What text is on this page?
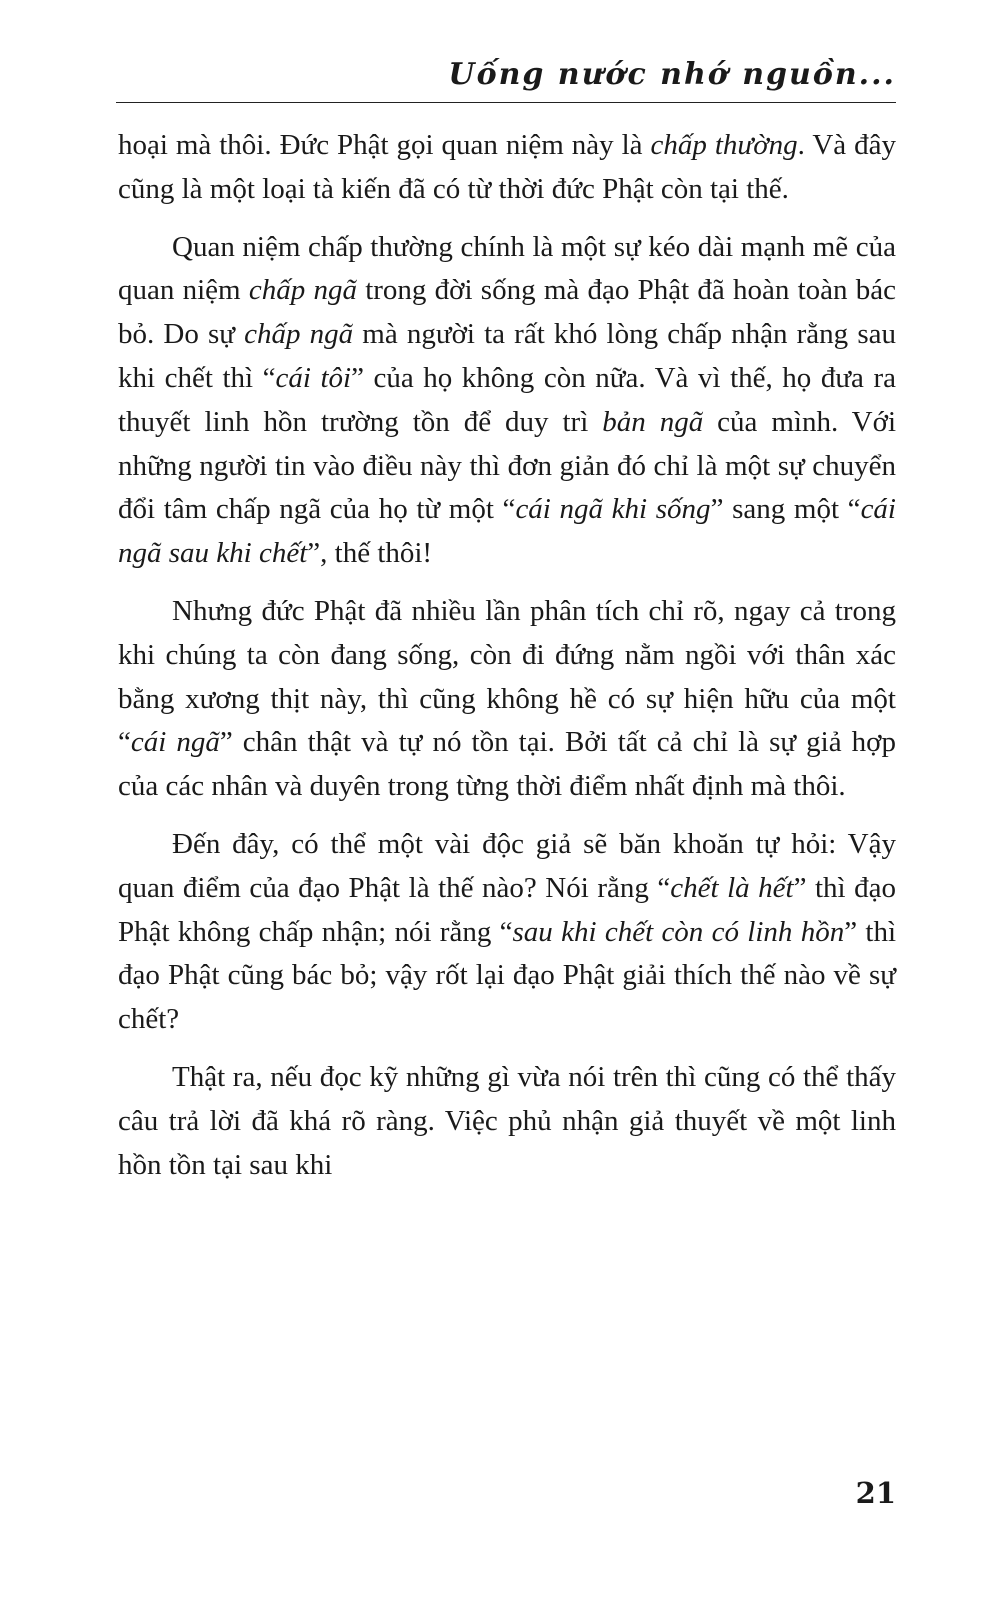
Uống nước nhớ nguồn...

hoại mà thôi. Đức Phật gọi quan niệm này là chấp thường. Và đây cũng là một loại tà kiến đã có từ thời đức Phật còn tại thế.

Quan niệm chấp thường chính là một sự kéo dài mạnh mẽ của quan niệm chấp ngã trong đời sống mà đạo Phật đã hoàn toàn bác bỏ. Do sự chấp ngã mà người ta rất khó lòng chấp nhận rằng sau khi chết thì “cái tôi” của họ không còn nữa. Và vì thế, họ đưa ra thuyết linh hồn trường tồn để duy trì bản ngã của mình. Với những người tin vào điều này thì đơn giản đó chỉ là một sự chuyển đổi tâm chấp ngã của họ từ một “cái ngã khi sống” sang một “cái ngã sau khi chết”, thế thôi!

Nhưng đức Phật đã nhiều lần phân tích chỉ rõ, ngay cả trong khi chúng ta còn đang sống, còn đi đứng nằm ngồi với thân xác bằng xương thịt này, thì cũng không hề có sự hiện hữu của một “cái ngã” chân thật và tự nó tồn tại. Bởi tất cả chỉ là sự giả hợp của các nhân và duyên trong từng thời điểm nhất định mà thôi.

Đến đây, có thể một vài độc giả sẽ băn khoăn tự hỏi: Vậy quan điểm của đạo Phật là thế nào? Nói rằng “chết là hết” thì đạo Phật không chấp nhận; nói rằng “sau khi chết còn có linh hồn” thì đạo Phật cũng bác bỏ; vậy rốt lại đạo Phật giải thích thế nào về sự chết?

Thật ra, nếu đọc kỹ những gì vừa nói trên thì cũng có thể thấy câu trả lời đã khá rõ ràng. Việc phủ nhận giả thuyết về một linh hồn tồn tại sau khi

21
